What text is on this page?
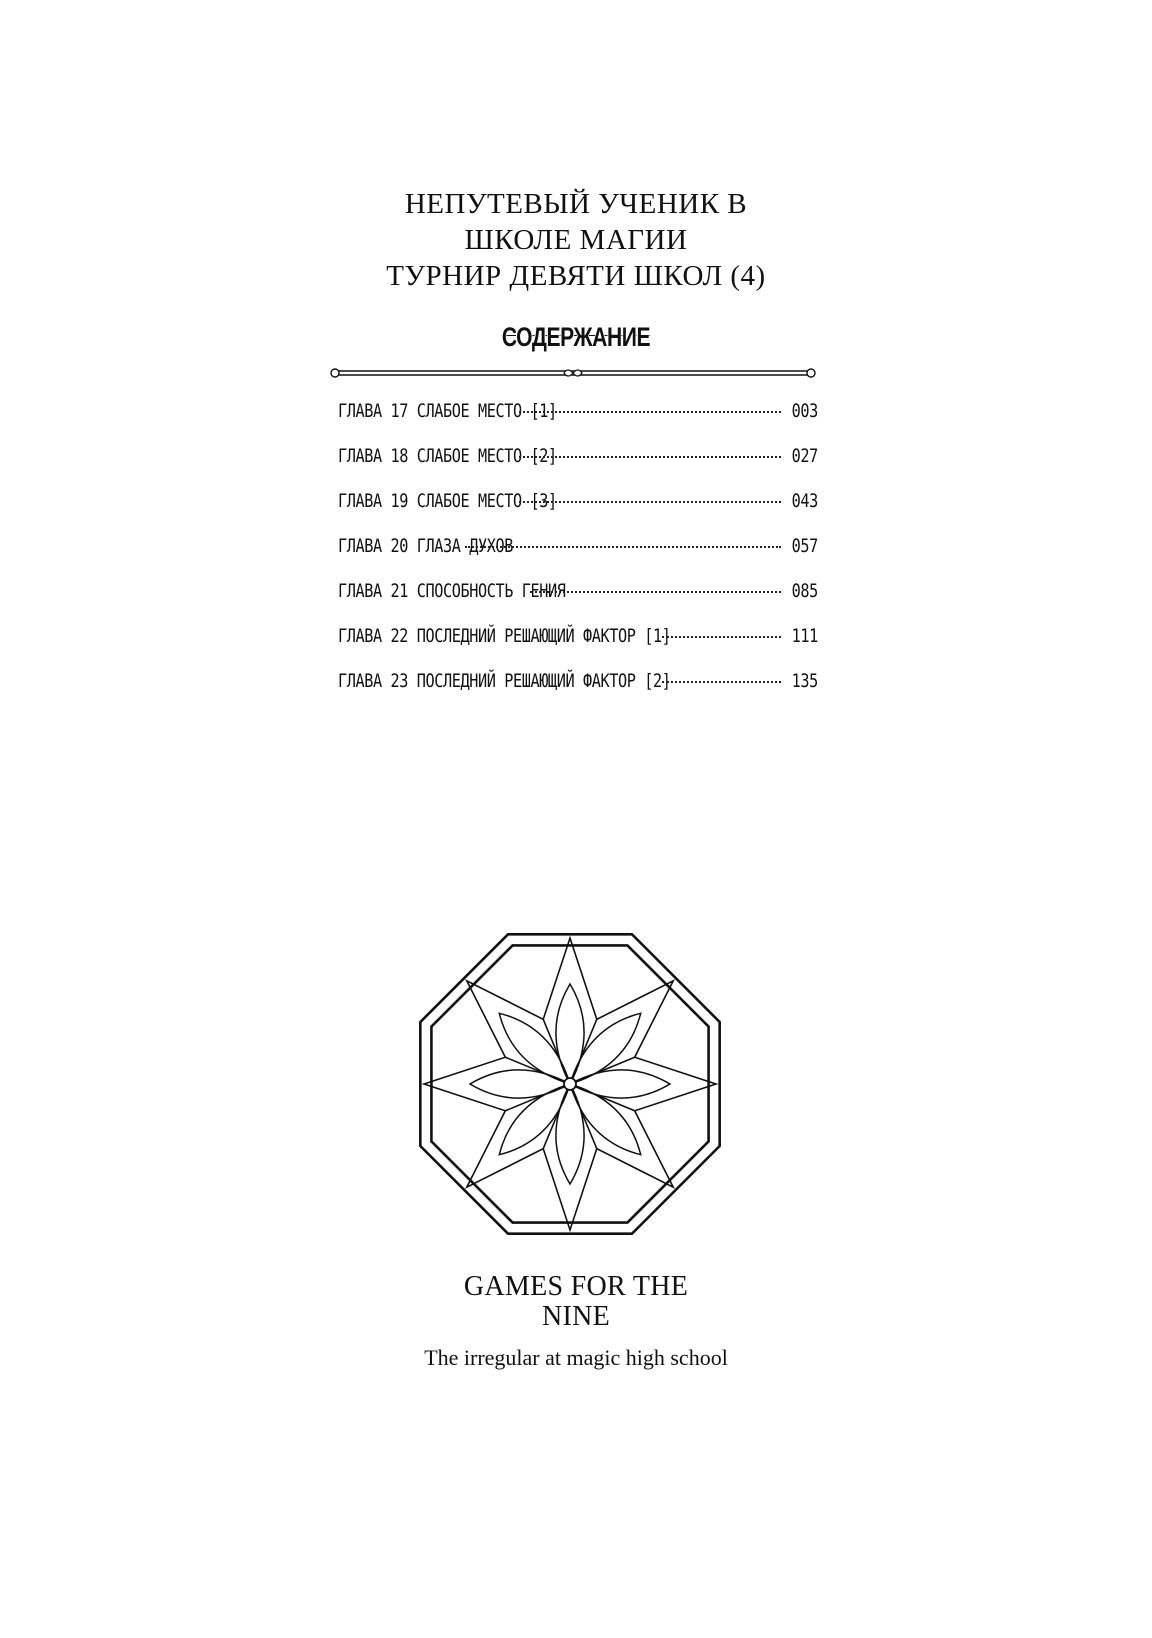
НЕПУТЕВЫЙ УЧЕНИК В
ШКОЛЕ МАГИИ
ТУРНИР ДЕВЯТИ ШКОЛ (4)
СОДЕРЖАНИЕ
ГЛАВА 17 СЛАБОЕ МЕСТО [1]	003
ГЛАВА 18 СЛАБОЕ МЕСТО [2]	027
ГЛАВА 19 СЛАБОЕ МЕСТО [3]	043
ГЛАВА 20 ГЛАЗА ДУХОВ	057
ГЛАВА 21 СПОСОБНОСТЬ ГЕНИЯ	085
ГЛАВА 22 ПОСЛЕДНИЙ РЕШАЮЩИЙ ФАКТОР [1]	111
ГЛАВА 23 ПОСЛЕДНИЙ РЕШАЮЩИЙ ФАКТОР [2]	135
GAMES FOR THE
NINE
The irregular at magic high school
